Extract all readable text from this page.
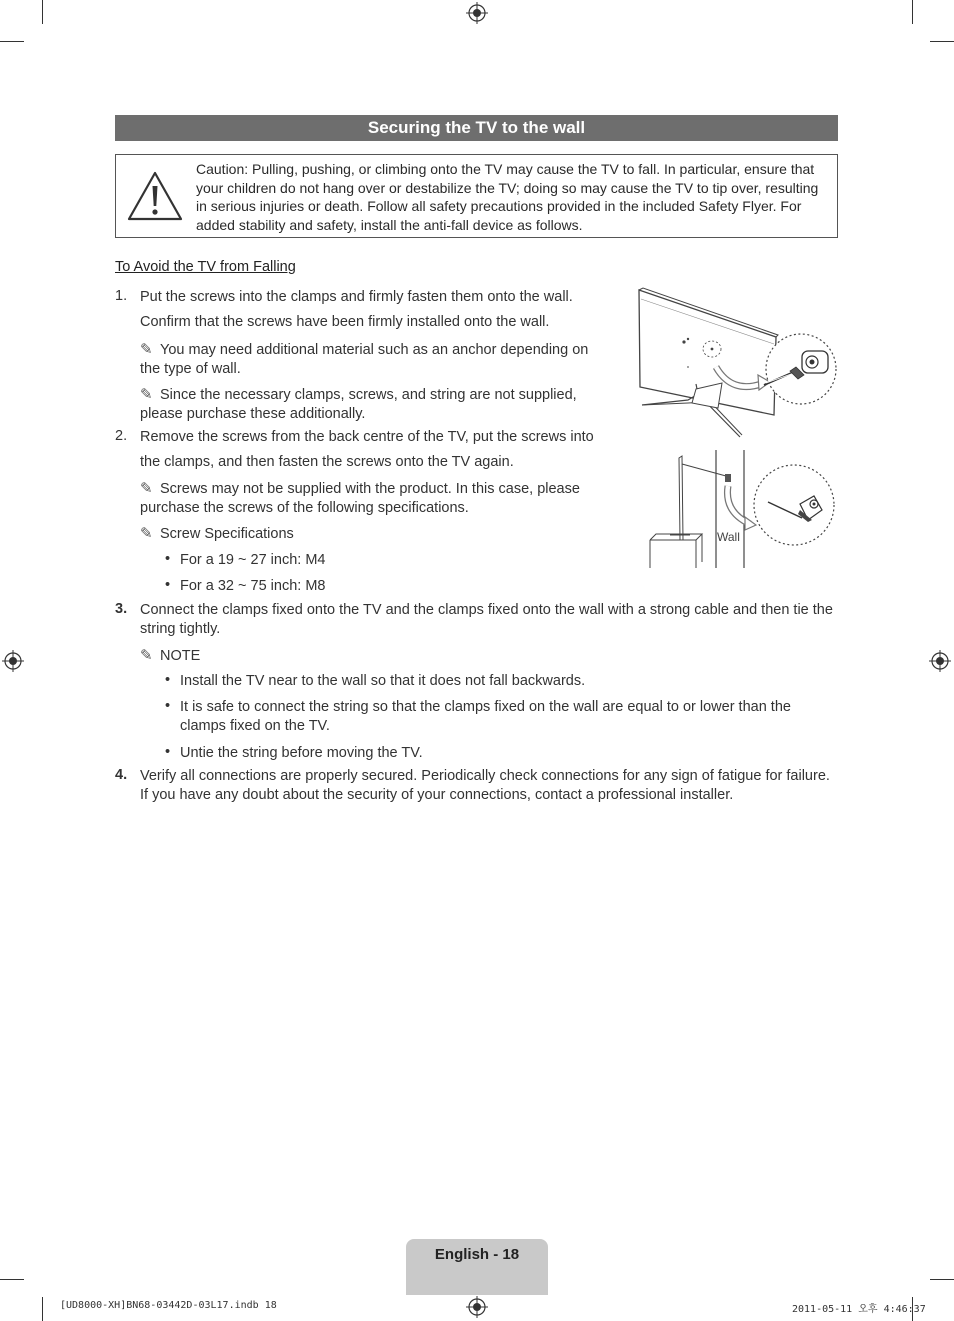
Securing the TV to the wall
Caution: Pulling, pushing, or climbing onto the TV may cause the TV to fall. In particular, ensure that your children do not hang over or destabilize the TV; doing so may cause the TV to tip over, resulting in serious injuries or death. Follow all safety precautions provided in the included Safety Flyer. For added stability and safety, install the anti-fall device as follows.
To Avoid the TV from Falling
1. Put the screws into the clamps and firmly fasten them onto the wall.
Confirm that the screws have been firmly installed onto the wall.
✎ You may need additional material such as an anchor depending on the type of wall.
✎ Since the necessary clamps, screws, and string are not supplied, please purchase these additionally.
2. Remove the screws from the back centre of the TV, put the screws into
the clamps, and then fasten the screws onto the TV again.
✎ Screws may not be supplied with the product. In this case, please purchase the screws of the following specifications.
✎ Screw Specifications
• For a 19 ~ 27 inch: M4
• For a 32 ~ 75 inch: M8
3. Connect the clamps fixed onto the TV and the clamps fixed onto the wall with a strong cable and then tie the string tightly.
✎ NOTE
• Install the TV near to the wall so that it does not fall backwards.
• It is safe to connect the string so that the clamps fixed on the wall are equal to or lower than the clamps fixed on the TV.
• Untie the string before moving the TV.
4. Verify all connections are properly secured. Periodically check connections for any sign of fatigue for failure. If you have any doubt about the security of your connections, contact a professional installer.
Wall
English - 18
[UD8000-XH]BN68-03442D-03L17.indb 18	2011-05-11 오후 4:46:37
